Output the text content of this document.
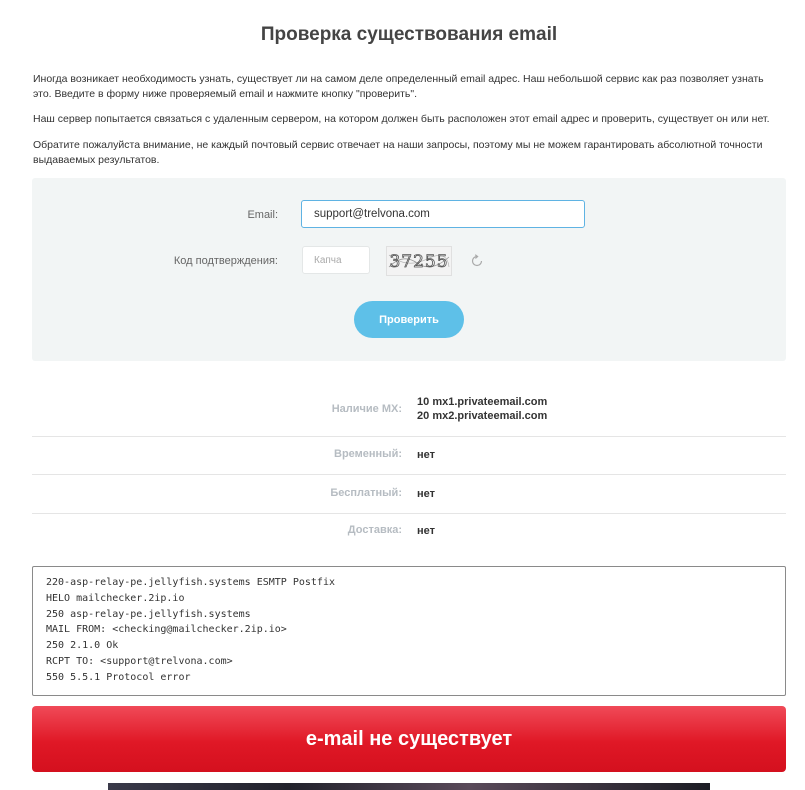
Проверка существования email
Иногда возникает необходимость узнать, существует ли на самом деле определенный email адрес. Наш небольшой сервис как раз позволяет узнать это. Введите в форму ниже проверяемый email и нажмите кнопку "проверить".
Наш сервер попытается связаться с удаленным сервером, на котором должен быть расположен этот email адрес и проверить, существует он или нет.
Обратите пожалуйста внимание, не каждый почтовый сервис отвечает на наши запросы, поэтому мы не можем гарантировать абсолютной точности выдаваемых результатов.
Email:
support@trelvona.com
Код подтверждения:
Капча	37255
Проверить
Наличие MX:
10 mx1.privateemail.com
20 mx2.privateemail.com
Временный: нет
Бесплатный: нет
Доставка: нет
220-asp-relay-pe.jellyfish.systems ESMTP Postfix
HELO mailchecker.2ip.io
250 asp-relay-pe.jellyfish.systems
MAIL FROM: <checking@mailchecker.2ip.io>
250 2.1.0 Ok
RCPT TO: <support@trelvona.com>
550 5.5.1 Protocol error
e-mail не существует
